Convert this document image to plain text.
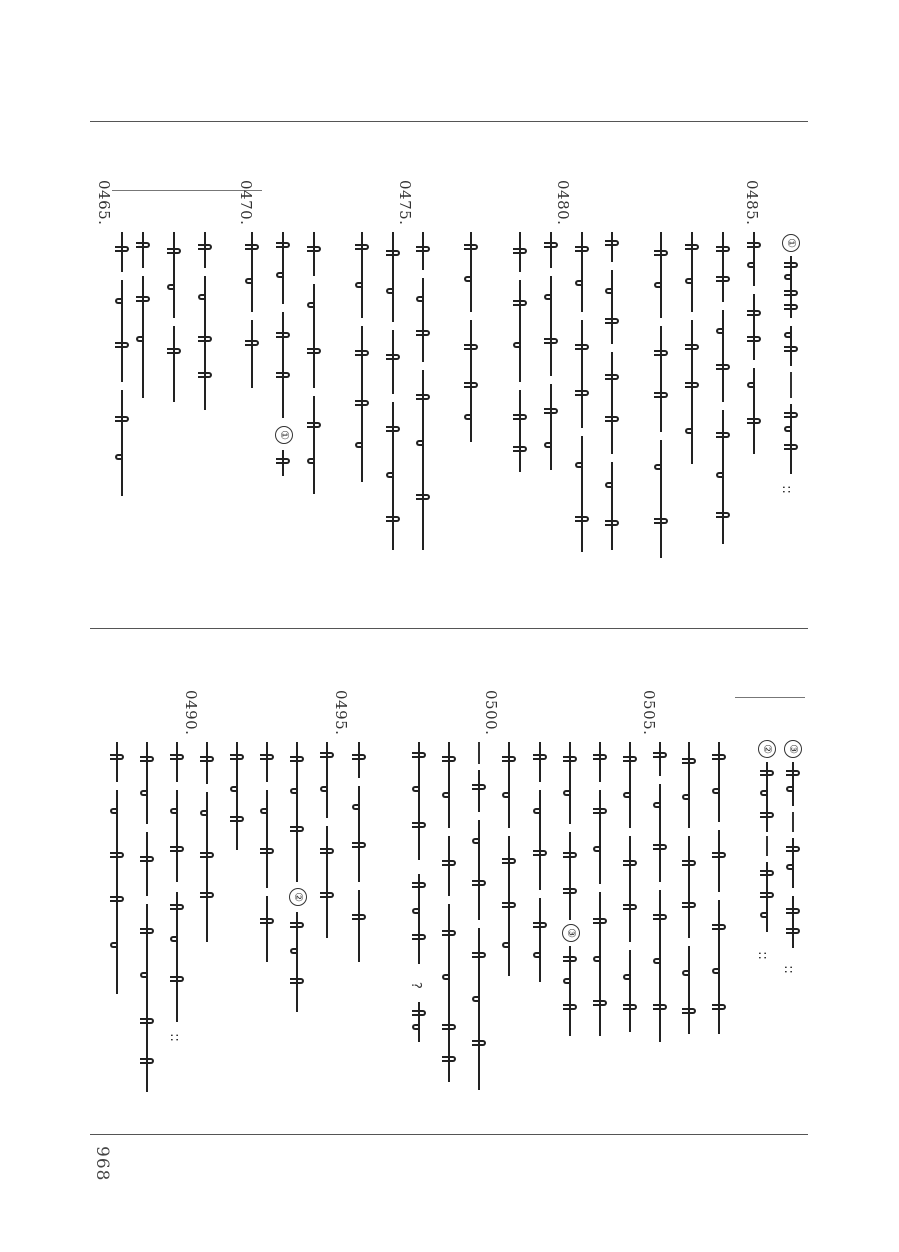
968
①
::
0485.
0480.
0475.
0470.
0465.
①
③
::
②
::
0505.
0500.
0495.
0490.
③
?
②
::
